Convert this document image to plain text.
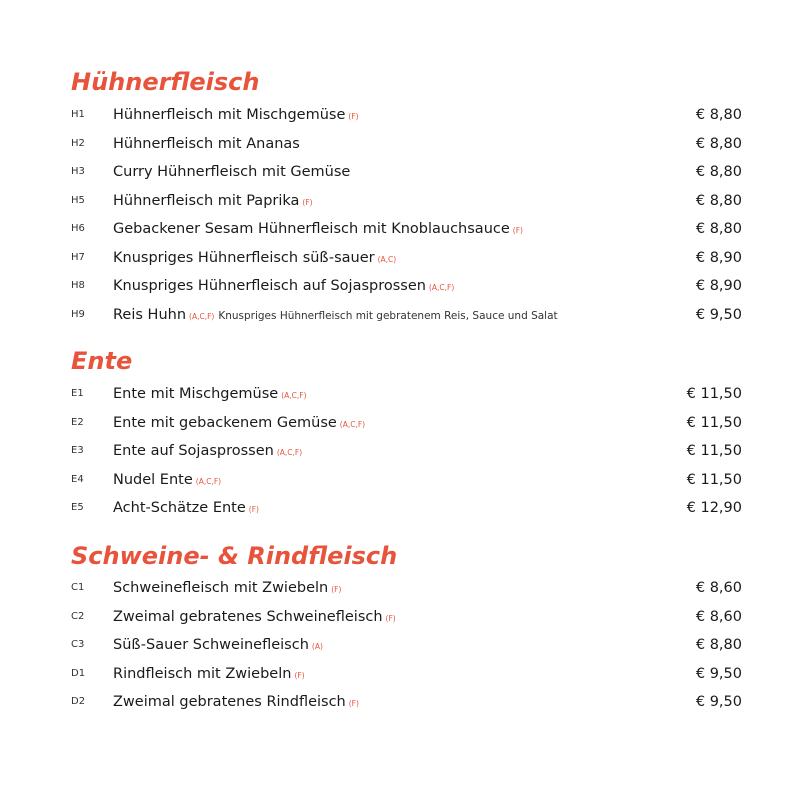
Hühnerfleisch
H1 Hühnerfleisch mit Mischgemüse (F)	€ 8,80
H2 Hühnerfleisch mit Ananas	€ 8,80
H3 Curry Hühnerfleisch mit Gemüse	€ 8,80
H5 Hühnerfleisch mit Paprika (F)	€ 8,80
H6 Gebackener Sesam Hühnerfleisch mit Knoblauchsauce (F)	€ 8,80
H7 Knuspriges Hühnerfleisch süß-sauer (A,C)	€ 8,90
H8 Knuspriges Hühnerfleisch auf Sojasprossen (A,C,F)	€ 8,90
H9 Reis Huhn (A,C,F) Knuspriges Hühnerfleisch mit gebratenem Reis, Sauce und Salat	€ 9,50
Ente
E1 Ente mit Mischgemüse (A,C,F)	€ 11,50
E2 Ente mit gebackenem Gemüse (A,C,F)	€ 11,50
E3 Ente auf Sojasprossen (A,C,F)	€ 11,50
E4 Nudel Ente (A,C,F)	€ 11,50
E5 Acht-Schätze Ente (F)	€ 12,90
Schweine- & Rindfleisch
C1 Schweinefleisch mit Zwiebeln (F)	€ 8,60
C2 Zweimal gebratenes Schweinefleisch (F)	€ 8,60
C3 Süß-Sauer Schweinefleisch (A)	€ 8,80
D1 Rindfleisch mit Zwiebeln (F)	€ 9,50
D2 Zweimal gebratenes Rindfleisch (F)	€ 9,50
